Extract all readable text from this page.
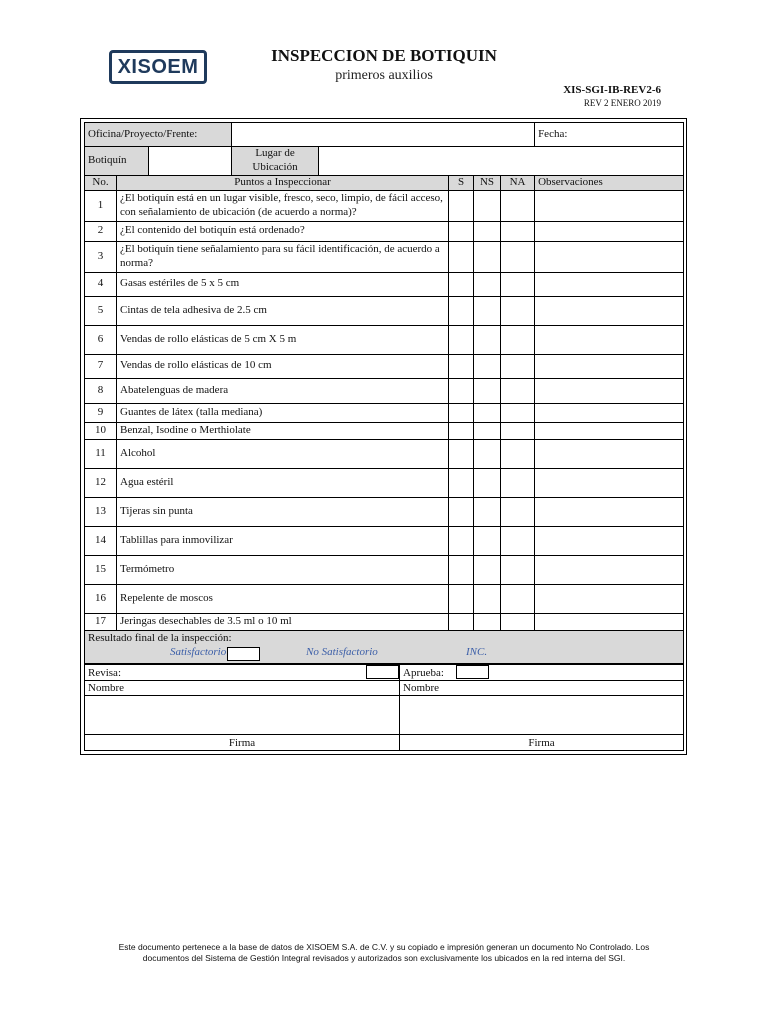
XISOEM	INSPECCION DE BOTIQUIN
primeros auxilios
XIS-SGI-IB-REV2-6
REV 2 ENERO 2019
Oficina/Proyecto/Frente:								Fecha:
Botiquín			Lugar de Ubicación					
No.	Puntos a Inspeccionar				S	NS	NA	Observaciones
1	¿El botiquín está en un lugar visible, fresco, seco, limpio, de fácil acceso, con señalamiento de ubicación (de acuerdo a norma)?							
2	¿El contenido del botiquín está ordenado?							
3	¿El botiquín tiene señalamiento para su fácil identificación, de acuerdo a norma?							
4	Gasas estériles de 5 x 5 cm							
5	Cintas de tela adhesiva de 2.5 cm							
6	Vendas de rollo elásticas de 5 cm X 5 m							
7	Vendas de rollo elásticas de 10 cm							
8	Abatelenguas de madera							
9	Guantes de látex (talla mediana)							
10	Benzal, Isodine o Merthiolate							
11	Alcohol							
12	Agua estéril							
13	Tijeras sin punta							
14	Tablillas para inmovilizar							
15	Termómetro							
16	Repelente de moscos							
17	Jeringas desechables de 3.5 ml o 10 ml							

Resultado final de la inspección:
Satisfactorio No Satisfactorio INC.								
Revisa:	Aprueba:

Nombre	Nombre

Firma	Firma
Este documento pertenece a la base de datos de XISOEM S.A. de C.V. y su copiado e impresión generan un documento No Controlado. Los documentos del Sistema de Gestión Integral revisados y autorizados son exclusivamente los ubicados en la red interna del SGI.
